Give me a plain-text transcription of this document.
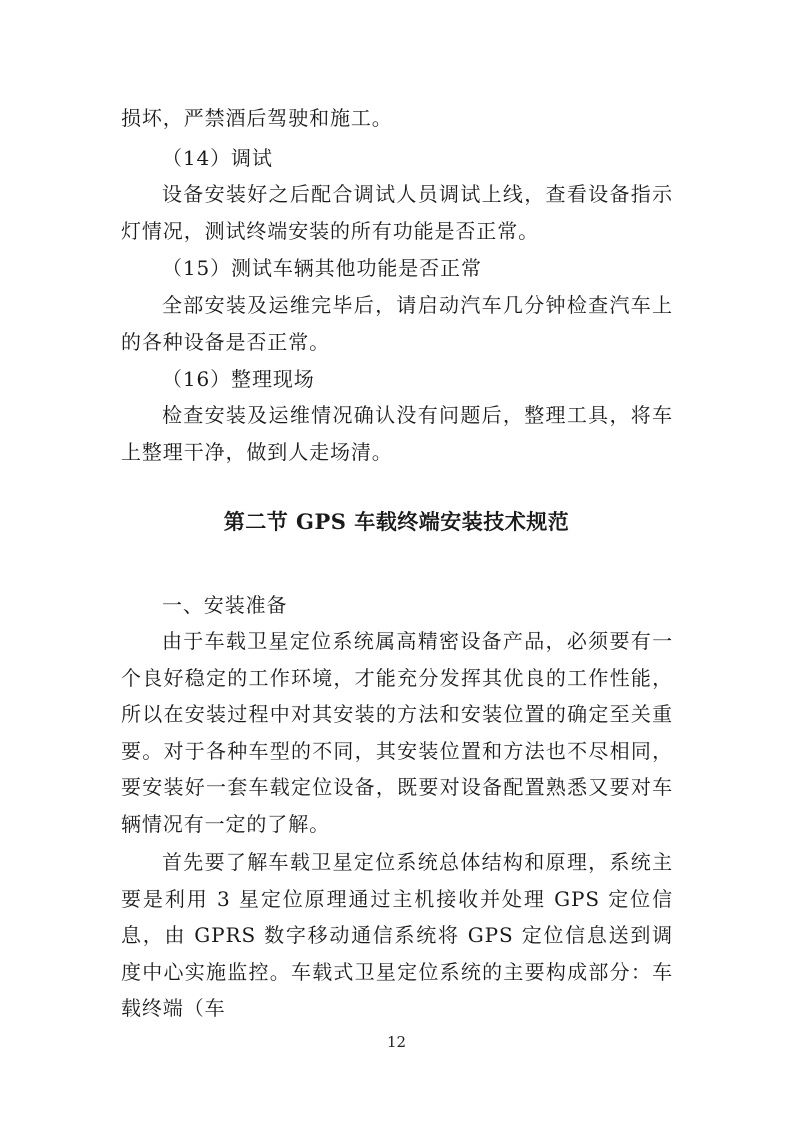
损坏，严禁酒后驾驶和施工。

（14）调试

设备安装好之后配合调试人员调试上线，查看设备指示灯情况，测试终端安装的所有功能是否正常。

（15）测试车辆其他功能是否正常

全部安装及运维完毕后，请启动汽车几分钟检查汽车上的各种设备是否正常。

（16）整理现场

检查安装及运维情况确认没有问题后，整理工具，将车上整理干净，做到人走场清。

第二节 GPS 车载终端安装技术规范

一、安装准备

由于车载卫星定位系统属高精密设备产品，必须要有一个良好稳定的工作环境，才能充分发挥其优良的工作性能，所以在安装过程中对其安装的方法和安装位置的确定至关重要。对于各种车型的不同，其安装位置和方法也不尽相同，要安装好一套车载定位设备，既要对设备配置熟悉又要对车辆情况有一定的了解。

首先要了解车载卫星定位系统总体结构和原理，系统主要是利用 3 星定位原理通过主机接收并处理 GPS 定位信息，由 GPRS 数字移动通信系统将 GPS 定位信息送到调度中心实施监控。车载式卫星定位系统的主要构成部分：车载终端（车

12
